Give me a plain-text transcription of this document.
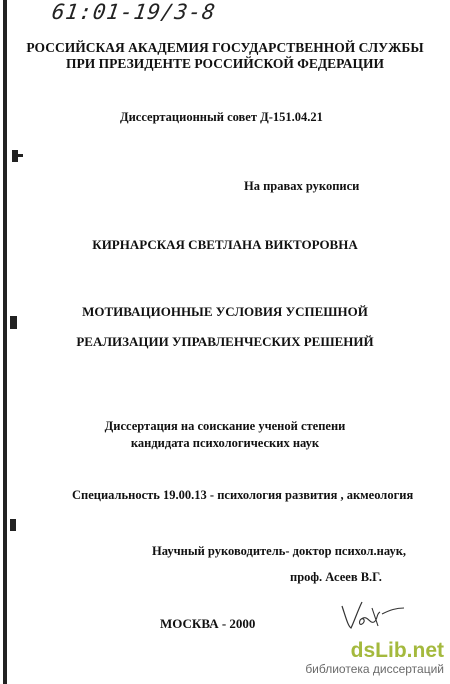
61:01-19/3-8
РОССИЙСКАЯ АКАДЕМИЯ ГОСУДАРСТВЕННОЙ СЛУЖБЫ
ПРИ ПРЕЗИДЕНТЕ РОССИЙСКОЙ ФЕДЕРАЦИИ
Диссертационный совет Д-151.04.21
На правах рукописи
КИРНАРСКАЯ СВЕТЛАНА ВИКТОРОВНА
МОТИВАЦИОННЫЕ УСЛОВИЯ УСПЕШНОЙ
РЕАЛИЗАЦИИ УПРАВЛЕНЧЕСКИХ РЕШЕНИЙ
Диссертация на соискание ученой степени
кандидата психологических наук
Специальность 19.00.13 - психология развития , акмеология
Научный руководитель- доктор психол.наук,
проф. Асеев В.Г.
МОСКВА - 2000
dsLib.net
библиотека диссертаций
